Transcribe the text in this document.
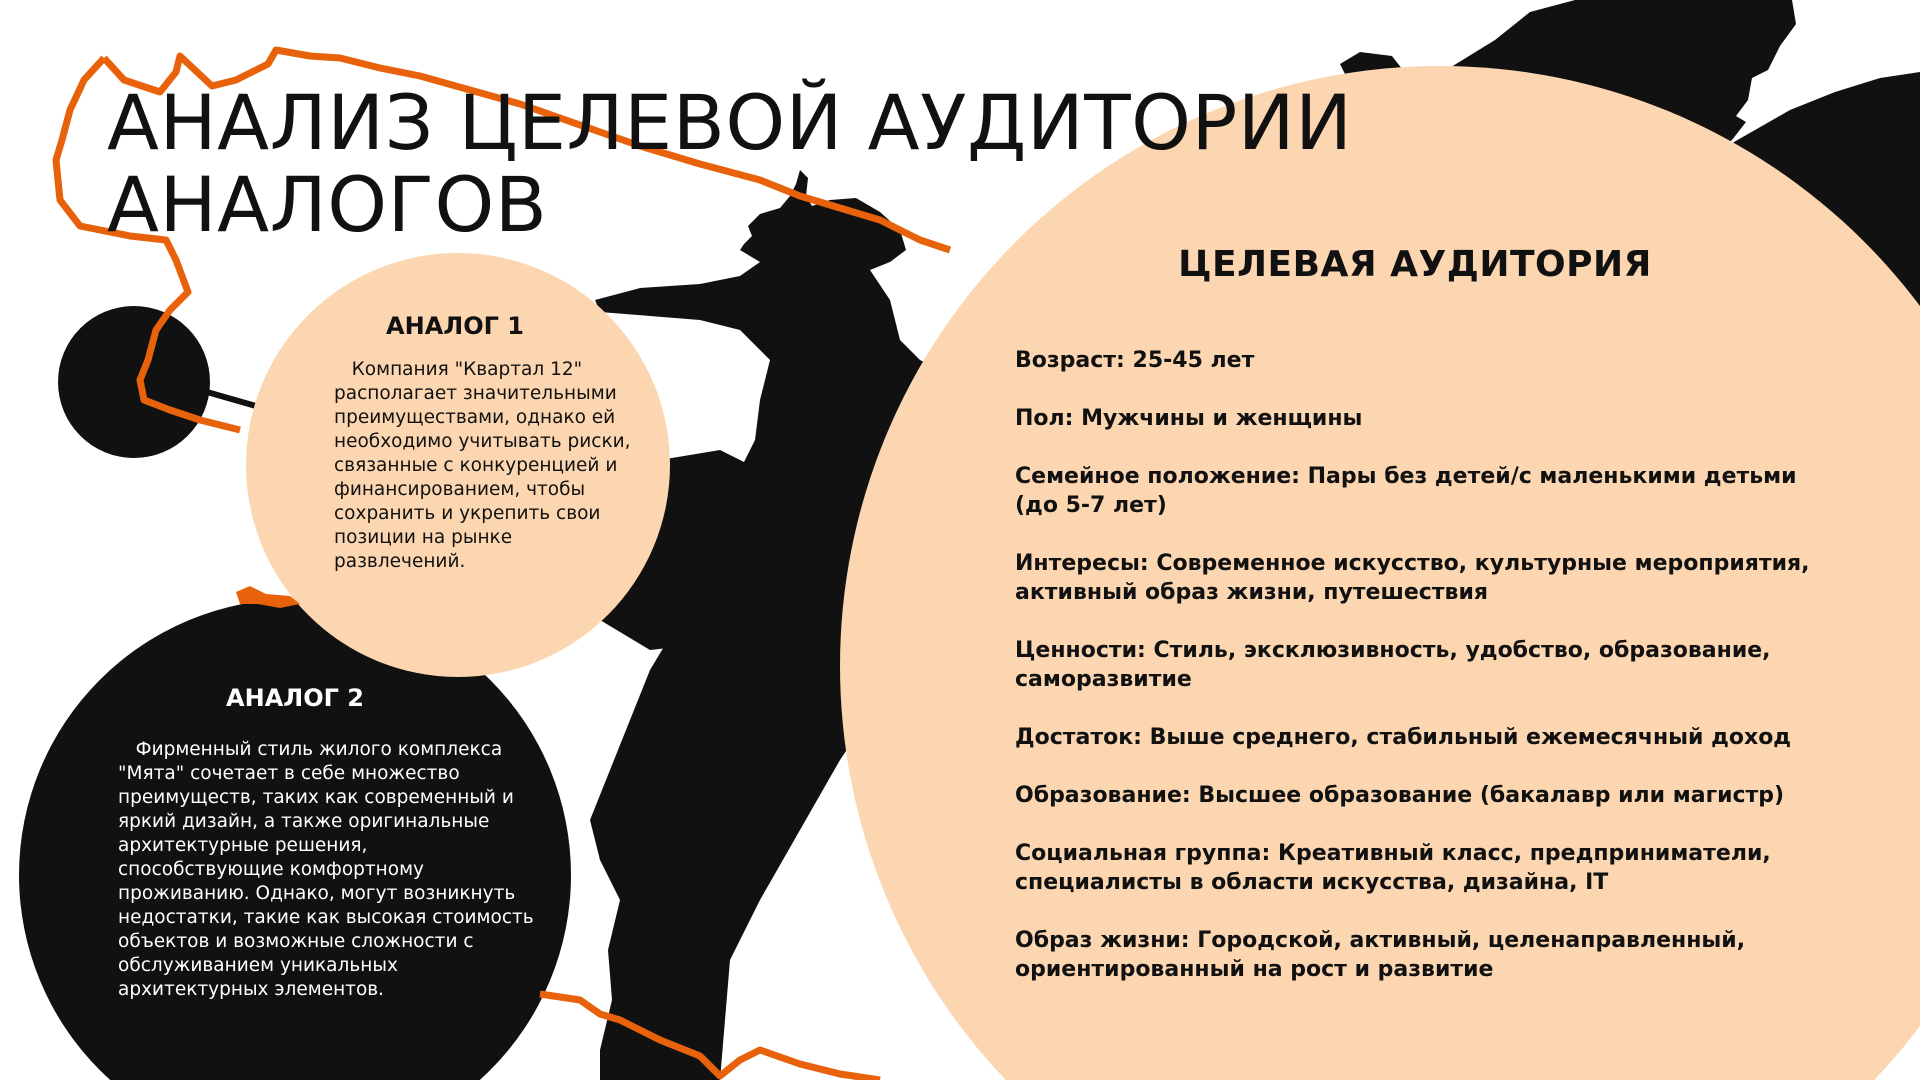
АНАЛИЗ ЦЕЛЕВОЙ АУДИТОРИИ
АНАЛОГОВ
АНАЛОГ 1

Компания "Квартал 12" располагает значительными преимуществами, однако ей необходимо учитывать риски, связанные с конкуренцией и финансированием, чтобы сохранить и укрепить свои позиции на рынке развлечений.

АНАЛОГ 2

Фирменный стиль жилого комплекса "Мята" сочетает в себе множество преимуществ, таких как современный и яркий дизайн, а также оригинальные архитектурные решения, способствующие комфортному проживанию. Однако, могут возникнуть недостатки, такие как высокая стоимость объектов и возможные сложности с обслуживанием уникальных архитектурных элементов.

ЦЕЛЕВАЯ АУДИТОРИЯ
Возраст: 25-45 лет
Пол: Мужчины и женщины
Семейное положение: Пары без детей/с маленькими детьми (до 5-7 лет)
Интересы: Современное искусство, культурные мероприятия, активный образ жизни, путешествия
Ценности: Стиль, эксклюзивность, удобство, образование, саморазвитие
Достаток: Выше среднего, стабильный ежемесячный доход
Образование: Высшее образование (бакалавр или магистр)
Социальная группа: Креативный класс, предприниматели, специалисты в области искусства, дизайна, IT
Образ жизни: Городской, активный, целенаправленный, ориентированный на рост и развитие
